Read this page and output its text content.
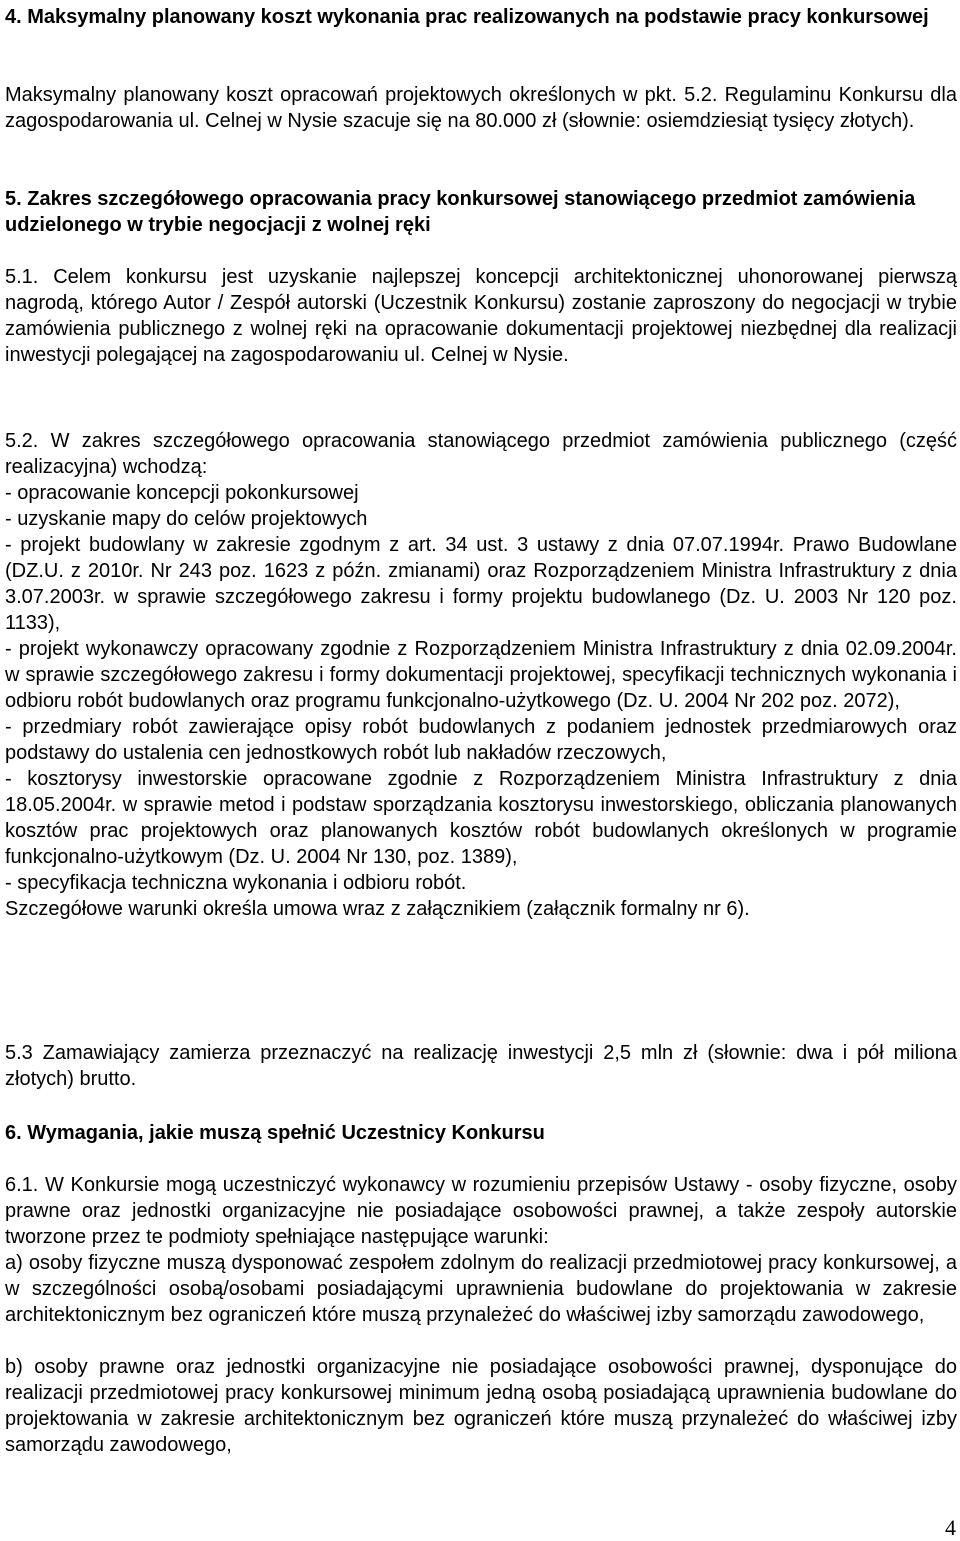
4. Maksymalny planowany koszt wykonania prac realizowanych na podstawie pracy konkursowej
Maksymalny planowany koszt opracowań projektowych określonych w pkt. 5.2. Regulaminu Konkursu dla zagospodarowania ul. Celnej w Nysie szacuje się na 80.000 zł (słownie: osiemdziesiąt tysięcy złotych).
5. Zakres szczegółowego opracowania pracy konkursowej stanowiącego przedmiot zamówienia udzielonego w trybie negocjacji z wolnej ręki
5.1. Celem konkursu jest uzyskanie najlepszej koncepcji architektonicznej uhonorowanej pierwszą nagrodą, którego Autor / Zespół autorski (Uczestnik Konkursu) zostanie zaproszony do negocjacji w trybie zamówienia publicznego z wolnej ręki na opracowanie dokumentacji projektowej niezbędnej dla realizacji inwestycji polegającej na zagospodarowaniu ul. Celnej w Nysie.
5.2. W zakres szczegółowego opracowania stanowiącego przedmiot zamówienia publicznego (część realizacyjna) wchodzą:
- opracowanie koncepcji pokonkursowej
- uzyskanie mapy do celów projektowych
- projekt budowlany w zakresie zgodnym z art. 34 ust. 3 ustawy z dnia 07.07.1994r. Prawo Budowlane (DZ.U. z 2010r. Nr 243 poz. 1623 z późn. zmianami) oraz Rozporządzeniem Ministra Infrastruktury z dnia 3.07.2003r. w sprawie szczegółowego zakresu i formy projektu budowlanego (Dz. U. 2003 Nr 120 poz. 1133),
- projekt wykonawczy opracowany zgodnie z Rozporządzeniem Ministra Infrastruktury z dnia 02.09.2004r. w sprawie szczegółowego zakresu i formy dokumentacji projektowej, specyfikacji technicznych wykonania i odbioru robót budowlanych oraz programu funkcjonalno-użytkowego (Dz. U. 2004 Nr 202 poz. 2072),
- przedmiary robót zawierające opisy robót budowlanych z podaniem jednostek przedmiarowych oraz podstawy do ustalenia cen jednostkowych robót lub nakładów rzeczowych,
- kosztorysy inwestorskie opracowane zgodnie z Rozporządzeniem Ministra Infrastruktury z dnia 18.05.2004r. w sprawie metod i podstaw sporządzania kosztorysu inwestorskiego, obliczania planowanych kosztów prac projektowych oraz planowanych kosztów robót budowlanych określonych w programie funkcjonalno-użytkowym (Dz. U. 2004 Nr 130, poz. 1389),
- specyfikacja techniczna wykonania i odbioru robót.
Szczegółowe warunki określa umowa wraz z załącznikiem (załącznik formalny nr 6).
5.3 Zamawiający zamierza przeznaczyć na realizację inwestycji 2,5 mln zł (słownie: dwa i pół miliona złotych) brutto.
6. Wymagania, jakie muszą spełnić Uczestnicy Konkursu
6.1. W Konkursie mogą uczestniczyć wykonawcy w rozumieniu przepisów Ustawy - osoby fizyczne, osoby prawne oraz jednostki organizacyjne nie posiadające osobowości prawnej, a także zespoły autorskie tworzone przez te podmioty spełniające następujące warunki:
a) osoby fizyczne muszą dysponować zespołem zdolnym do realizacji przedmiotowej pracy konkursowej, a w szczególności osobą/osobami posiadającymi uprawnienia budowlane do projektowania w zakresie architektonicznym bez ograniczeń które muszą przynależeć do właściwej izby samorządu zawodowego,
b) osoby prawne oraz jednostki organizacyjne nie posiadające osobowości prawnej, dysponujące do realizacji przedmiotowej pracy konkursowej minimum jedną osobą posiadającą uprawnienia budowlane do projektowania w zakresie architektonicznym bez ograniczeń które muszą przynależeć do właściwej izby samorządu zawodowego,
4
